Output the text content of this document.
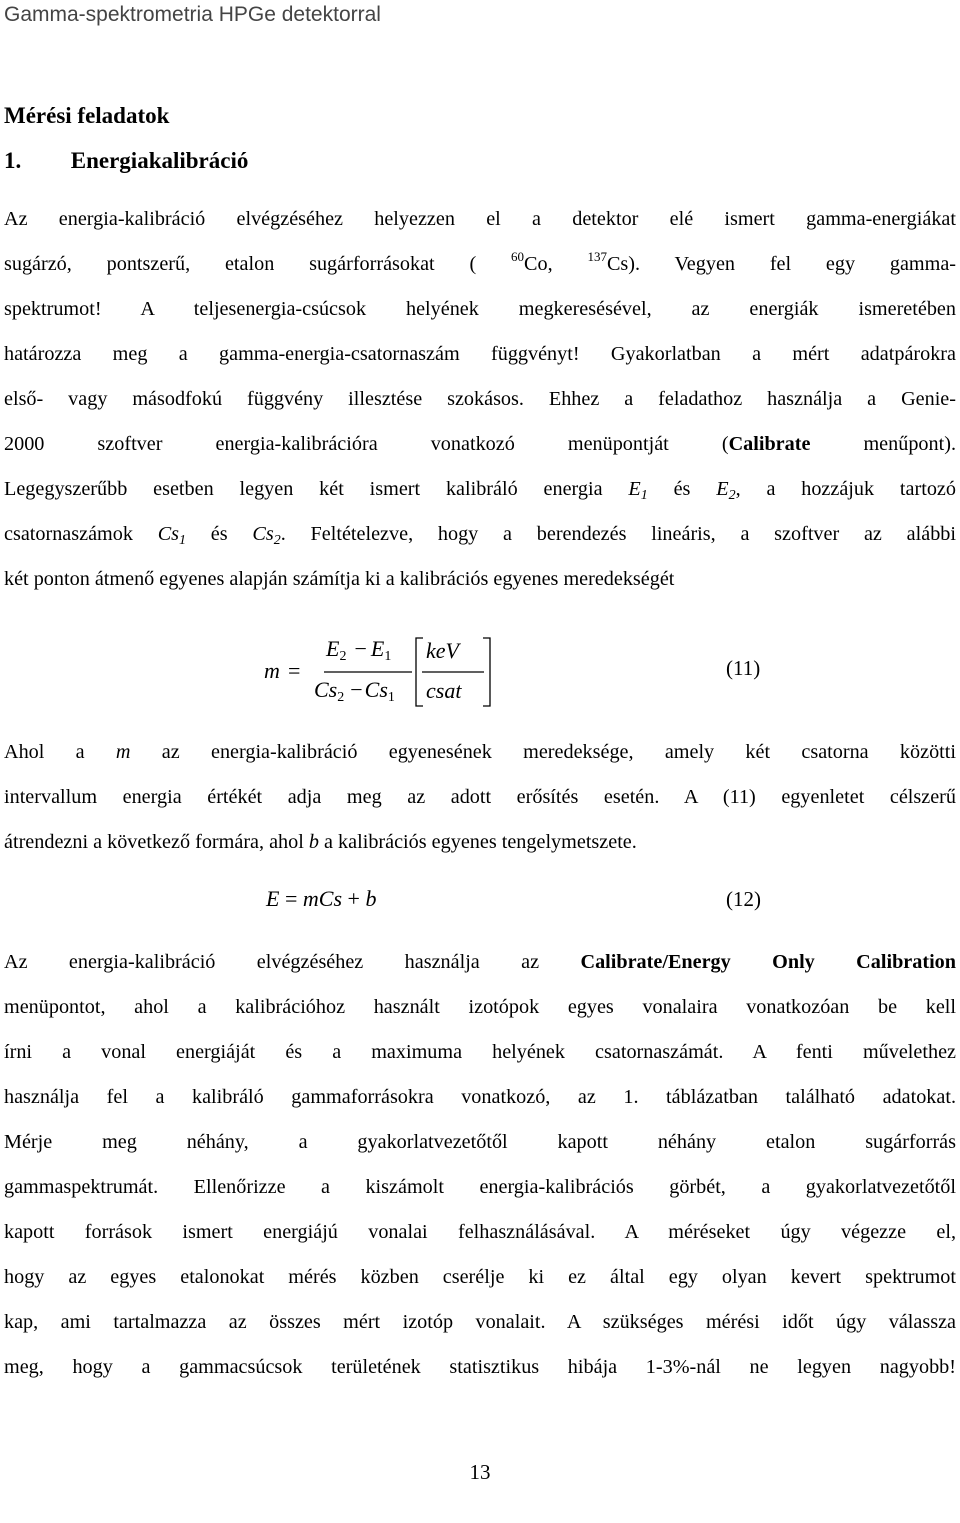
Gamma-spektrometria HPGe detektorral
Mérési feladatok
1. Energiakalibráció
Az energia-kalibráció elvégzéséhez helyezzen el a detektor elé ismert gamma-energiákat
sugárzó, pontszerű, etalon sugárforrásokat (	$^{60}$Co,	$^{137}$Cs). Vegyen fel egy gamma-
spektrumot! A teljesenergia-csúcsok helyének megkeresésével, az energiák ismeretében
határozza meg a gamma-energia-csatornaszám függvényt! Gyakorlatban a mért adatpárokra
első- vagy másodfokú függvény illesztése szokásos. Ehhez a feladathoz használja a Genie-
2000 szoftver energia-kalibrációra vonatkozó menüpontját (Calibrate menűpont).
Legegyszerűbb esetben legyen két ismert kalibráló energia $E_1$ és $E_2$, a hozzájuk tartozó
csatornaszámok $Cs_1$ és $Cs_2$. Feltételezve, hogy a berendezés lineáris, a szoftver az alábbi
két ponton átmenő egyenes alapján számítja ki a kalibrációs egyenes meredekségét
m =
$E_2 - E_1$
$Cs_2 -Cs_1$
keV
csat
(11)
Ahol a m az energia-kalibráció egyenesének meredeksége, amely két csatorna közötti
intervallum energia értékét adja meg az adott erősítés esetén. A (11) egyenletet célszerű
átrendezni a következő formára, ahol b a kalibrációs egyenes tengelymetszete.
E = mCs + b	(12)
Az energia-kalibráció elvégzéséhez használja az Calibrate/Energy Only Calibration
menüpontot, ahol a kalibrációhoz használt izotópok egyes vonalaira vonatkozóan be kell
írni a vonal energiáját és a maximuma helyének csatornaszámát. A fenti művelethez
használja fel a kalibráló gammaforrásokra vonatkozó, az 1. táblázatban található adatokat.
Mérje meg néhány, a gyakorlatvezetőtől kapott néhány etalon sugárforrás
gammaspektrumát. Ellenőrizze a kiszámolt energia-kalibrációs görbét, a gyakorlatvezetőtől
kapott források ismert energiájú vonalai felhasználásával. A méréseket úgy végezze el,
hogy az egyes etalonokat mérés közben cserélje ki ez által egy olyan kevert spektrumot
kap, ami tartalmazza az összes mért izotóp vonalait. A szükséges mérési időt úgy válassza
meg, hogy a gammacsúcsok területének statisztikus hibája 1-3%-nál ne legyen nagyobb!
13
